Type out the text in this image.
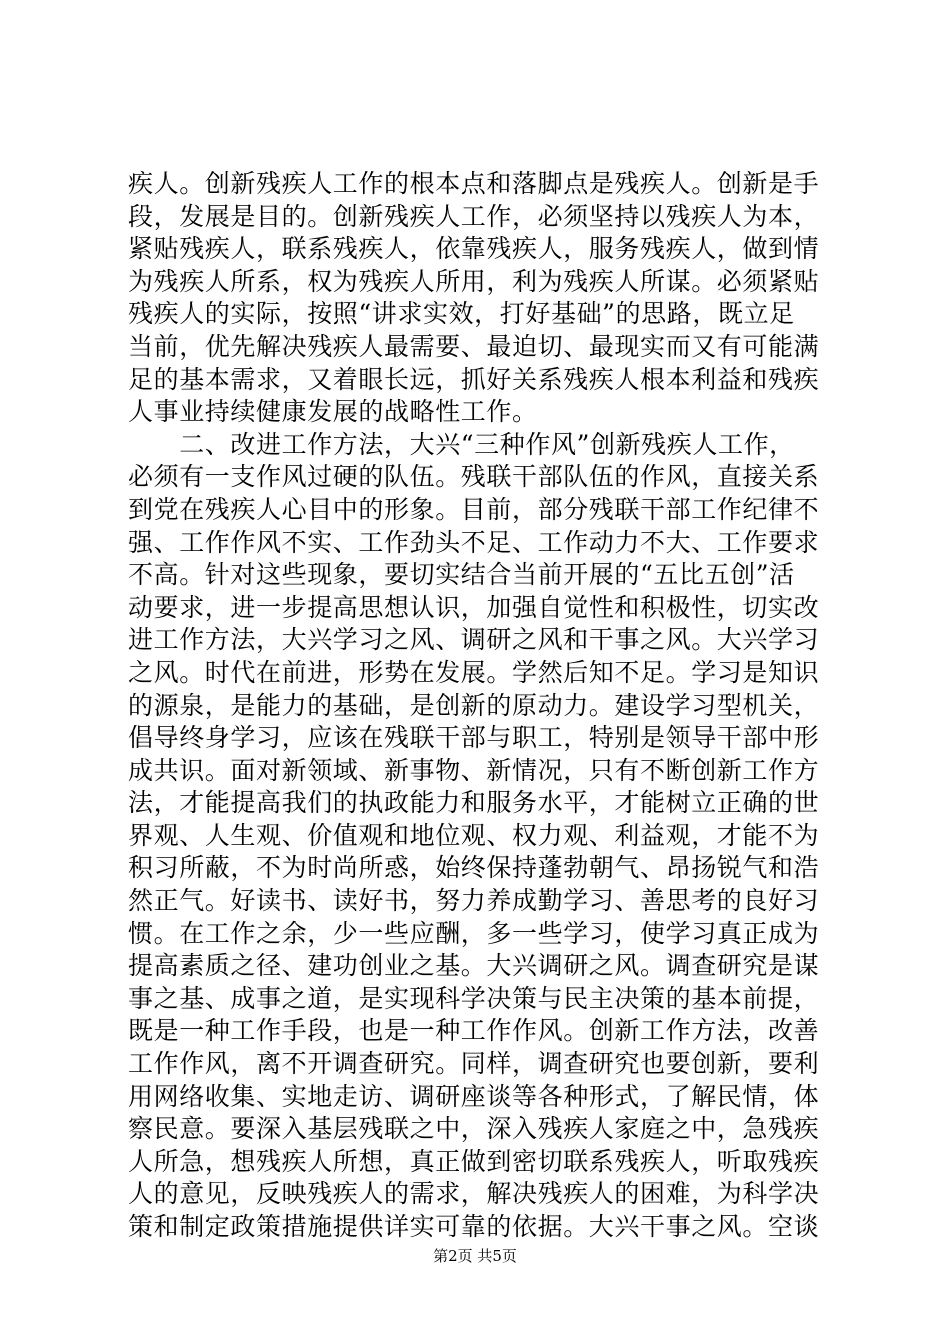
疾人。创新残疾人工作的根本点和落脚点是残疾人。创新是手
段，发展是目的。创新残疾人工作，必须坚持以残疾人为本，
紧贴残疾人，联系残疾人，依靠残疾人，服务残疾人，做到情
为残疾人所系，权为残疾人所用，利为残疾人所谋。必须紧贴
残疾人的实际，按照“讲求实效，打好基础”的思路，既立足
当前，优先解决残疾人最需要、最迫切、最现实而又有可能满
足的基本需求，又着眼长远，抓好关系残疾人根本利益和残疾
人事业持续健康发展的战略性工作。
　　二、改进工作方法，大兴“三种作风”创新残疾人工作，
必须有一支作风过硬的队伍。残联干部队伍的作风，直接关系
到党在残疾人心目中的形象。目前，部分残联干部工作纪律不
强、工作作风不实、工作劲头不足、工作动力不大、工作要求
不高。针对这些现象，要切实结合当前开展的“五比五创”活
动要求，进一步提高思想认识，加强自觉性和积极性，切实改
进工作方法，大兴学习之风、调研之风和干事之风。大兴学习
之风。时代在前进，形势在发展。学然后知不足。学习是知识
的源泉，是能力的基础，是创新的原动力。建设学习型机关，
倡导终身学习，应该在残联干部与职工，特别是领导干部中形
成共识。面对新领域、新事物、新情况，只有不断创新工作方
法，才能提高我们的执政能力和服务水平，才能树立正确的世
界观、人生观、价值观和地位观、权力观、利益观，才能不为
积习所蔽，不为时尚所惑，始终保持蓬勃朝气、昂扬锐气和浩
然正气。好读书、读好书，努力养成勤学习、善思考的良好习
惯。在工作之余，少一些应酬，多一些学习，使学习真正成为
提高素质之径、建功创业之基。大兴调研之风。调查研究是谋
事之基、成事之道，是实现科学决策与民主决策的基本前提，
既是一种工作手段，也是一种工作作风。创新工作方法，改善
工作作风，离不开调查研究。同样，调查研究也要创新，要利
用网络收集、实地走访、调研座谈等各种形式，了解民情，体
察民意。要深入基层残联之中，深入残疾人家庭之中，急残疾
人所急，想残疾人所想，真正做到密切联系残疾人，听取残疾
人的意见，反映残疾人的需求，解决残疾人的困难，为科学决
策和制定政策措施提供详实可靠的依据。大兴干事之风。空谈
第2页 共5页
